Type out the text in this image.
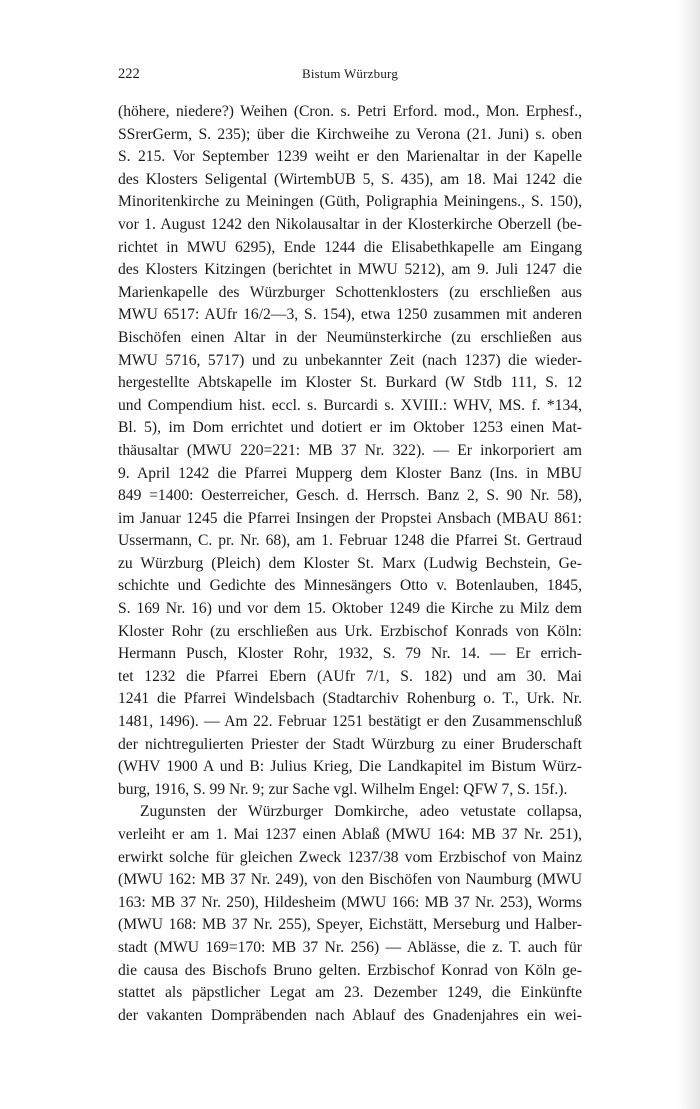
222	Bistum Würzburg
(höhere, niedere?) Weihen (Cron. s. Petri Erford. mod., Mon. Erphesf.,
SSrerGerm, S. 235); über die Kirchweihe zu Verona (21. Juni) s. oben
S. 215. Vor September 1239 weiht er den Marienaltar in der Kapelle
des Klosters Seligental (WirtembUB 5, S. 435), am 18. Mai 1242 die
Minoritenkirche zu Meiningen (Güth, Poligraphia Meiningens., S. 150),
vor 1. August 1242 den Nikolausaltar in der Klosterkirche Oberzell (be-
richtet in MWU 6295), Ende 1244 die Elisabethkapelle am Eingang
des Klosters Kitzingen (berichtet in MWU 5212), am 9. Juli 1247 die
Marienkapelle des Würzburger Schottenklosters (zu erschließen aus
MWU 6517: AUfr 16/2—3, S. 154), etwa 1250 zusammen mit anderen
Bischöfen einen Altar in der Neumünsterkirche (zu erschließen aus
MWU 5716, 5717) und zu unbekannter Zeit (nach 1237) die wieder-
hergestellte Abtskapelle im Kloster St. Burkard (W Stdb 111, S. 12
und Compendium hist. eccl. s. Burcardi s. XVIII.: WHV, MS. f. *134,
Bl. 5), im Dom errichtet und dotiert er im Oktober 1253 einen Mat-
thäusaltar (MWU 220=221: MB 37 Nr. 322). — Er inkorporiert am
9. April 1242 die Pfarrei Mupperg dem Kloster Banz (Ins. in MBU
849 =1400: Oesterreicher, Gesch. d. Herrsch. Banz 2, S. 90 Nr. 58),
im Januar 1245 die Pfarrei Insingen der Propstei Ansbach (MBAU 861:
Ussermann, C. pr. Nr. 68), am 1. Februar 1248 die Pfarrei St. Gertraud
zu Würzburg (Pleich) dem Kloster St. Marx (Ludwig Bechstein, Ge-
schichte und Gedichte des Minnesängers Otto v. Botenlauben, 1845,
S. 169 Nr. 16) und vor dem 15. Oktober 1249 die Kirche zu Milz dem
Kloster Rohr (zu erschließen aus Urk. Erzbischof Konrads von Köln:
Hermann Pusch, Kloster Rohr, 1932, S. 79 Nr. 14. — Er errich-
tet 1232 die Pfarrei Ebern (AUfr 7/1, S. 182) und am 30. Mai
1241 die Pfarrei Windelsbach (Stadtarchiv Rohenburg o. T., Urk. Nr.
1481, 1496). — Am 22. Februar 1251 bestätigt er den Zusammenschluß
der nichtregulierten Priester der Stadt Würzburg zu einer Bruderschaft
(WHV 1900 A und B: Julius Krieg, Die Landkapitel im Bistum Würz-
burg, 1916, S. 99 Nr. 9; zur Sache vgl. Wilhelm Engel: QFW 7, S. 15f.).
Zugunsten der Würzburger Domkirche, adeo vetustate collapsa,
verleiht er am 1. Mai 1237 einen Ablaß (MWU 164: MB 37 Nr. 251),
erwirkt solche für gleichen Zweck 1237/38 vom Erzbischof von Mainz
(MWU 162: MB 37 Nr. 249), von den Bischöfen von Naumburg (MWU
163: MB 37 Nr. 250), Hildesheim (MWU 166: MB 37 Nr. 253), Worms
(MWU 168: MB 37 Nr. 255), Speyer, Eichstätt, Merseburg und Halber-
stadt (MWU 169=170: MB 37 Nr. 256) — Ablässe, die z. T. auch für
die causa des Bischofs Bruno gelten. Erzbischof Konrad von Köln ge-
stattet als päpstlicher Legat am 23. Dezember 1249, die Einkünfte
der vakanten Dompräbenden nach Ablauf des Gnadenjahres ein wei-
